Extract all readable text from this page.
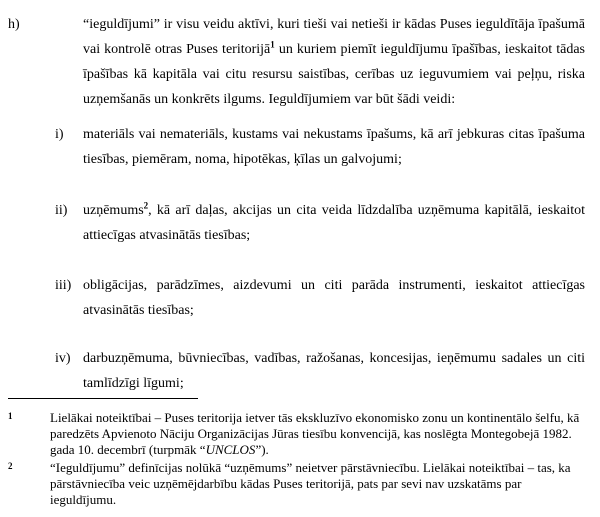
h)	“ieguldījumi” ir visu veidu aktīvi, kuri tieši vai netieši ir kādas Puses ieguldītāja īpašumā vai kontrolē otras Puses teritorijā$^1$ un kuriem piemīt ieguldījumu īpašības, ieskaitot tādas īpašības kā kapitāla vai citu resursu saistības, cerības uz ieguvumiem vai peļņu, riska uzņemšanās un konkrēts ilgums. Ieguldījumiem var būt šādi veidi:
i) materiāls vai nemateriāls, kustams vai nekustams īpašums, kā arī jebkuras citas īpašuma tiesības, piemēram, noma, hipotēkas, ķīlas un galvojumi;
ii) uzņēmums$^2$, kā arī daļas, akcijas un cita veida līdzdalība uzņēmuma kapitālā, ieskaitot attiecīgas atvasinātās tiesības;
iii) obligācijas, parādzīmes, aizdevumi un citi parāda instrumenti, ieskaitot attiecīgas atvasinātās tiesības;
iv) darbuzņēmuma, būvniecības, vadības, ražošanas, koncesijas, ieņēmumu sadales un citi tamlīdzīgi līgumi;
1	Lielākai noteiktībai – Puses teritorija ietver tās ekskluzīvo ekonomisko zonu un kontinentālo šelfu, kā paredzēts Apvienoto Nāciju Organizācijas Jūras tiesību konvencijā, kas noslēgta Montegobejā 1982. gada 10. decembrī (turpmāk “UNCLOS”).
2	“Ieguldījumu” definīcijas nolūkā “uzņēmums” neietver pārstāvniecību. Lielākai noteiktībai – tas, ka pārstāvniecība veic uzņēmējdarbību kādas Puses teritorijā, pats par sevi nav uzskatāms par ieguldījumu.
